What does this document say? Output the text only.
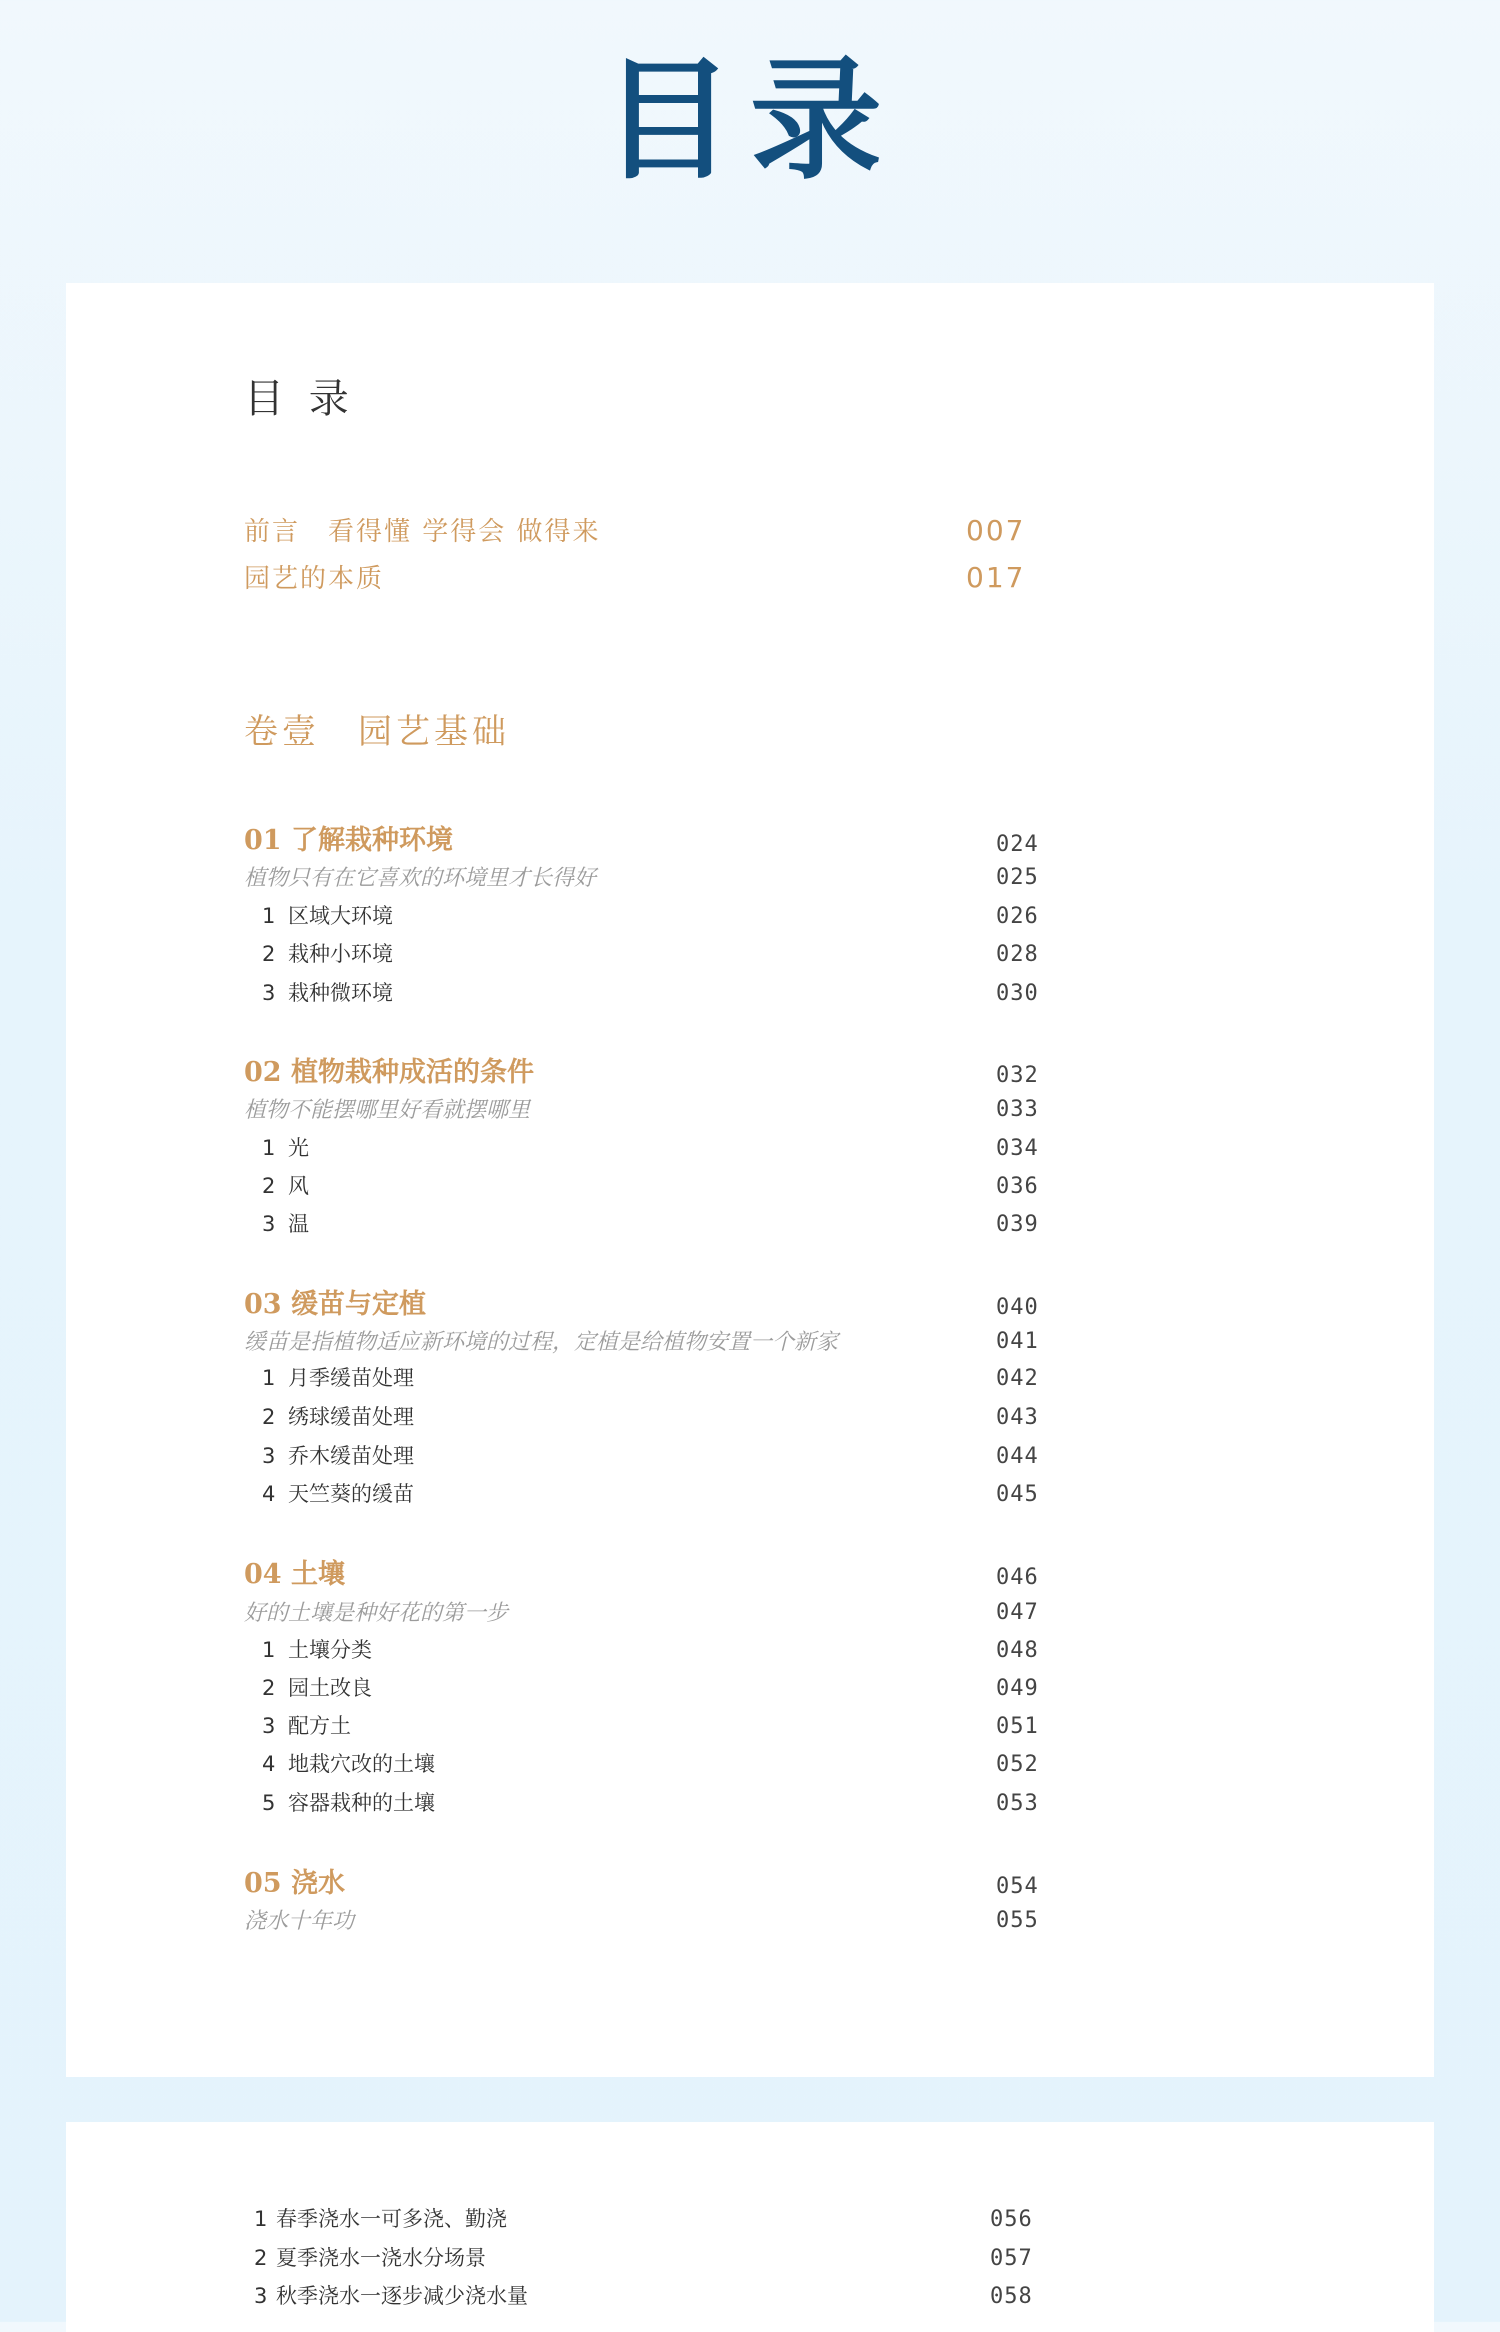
目录
目 录
前言　看得懂 学得会 做得来	007
园艺的本质	017
卷壹　园艺基础
01 了解栽种环境	024
植物只有在它喜欢的环境里才长得好	025
1 区域大环境	026
2 栽种小环境	028
3 栽种微环境	030
02 植物栽种成活的条件	032
植物不能摆哪里好看就摆哪里	033
1 光	034
2 风	036
3 温	039
03 缓苗与定植	040
缓苗是指植物适应新环境的过程，定植是给植物安置一个新家	041
1 月季缓苗处理	042
2 绣球缓苗处理	043
3 乔木缓苗处理	044
4 天竺葵的缓苗	045
04 土壤	046
好的土壤是种好花的第一步	047
1 土壤分类	048
2 园土改良	049
3 配方土	051
4 地栽穴改的土壤	052
5 容器栽种的土壤	053
05 浇水	054
浇水十年功	055
1 春季浇水一可多浇、勤浇	056
2 夏季浇水一浇水分场景	057
3 秋季浇水一逐步减少浇水量	058
